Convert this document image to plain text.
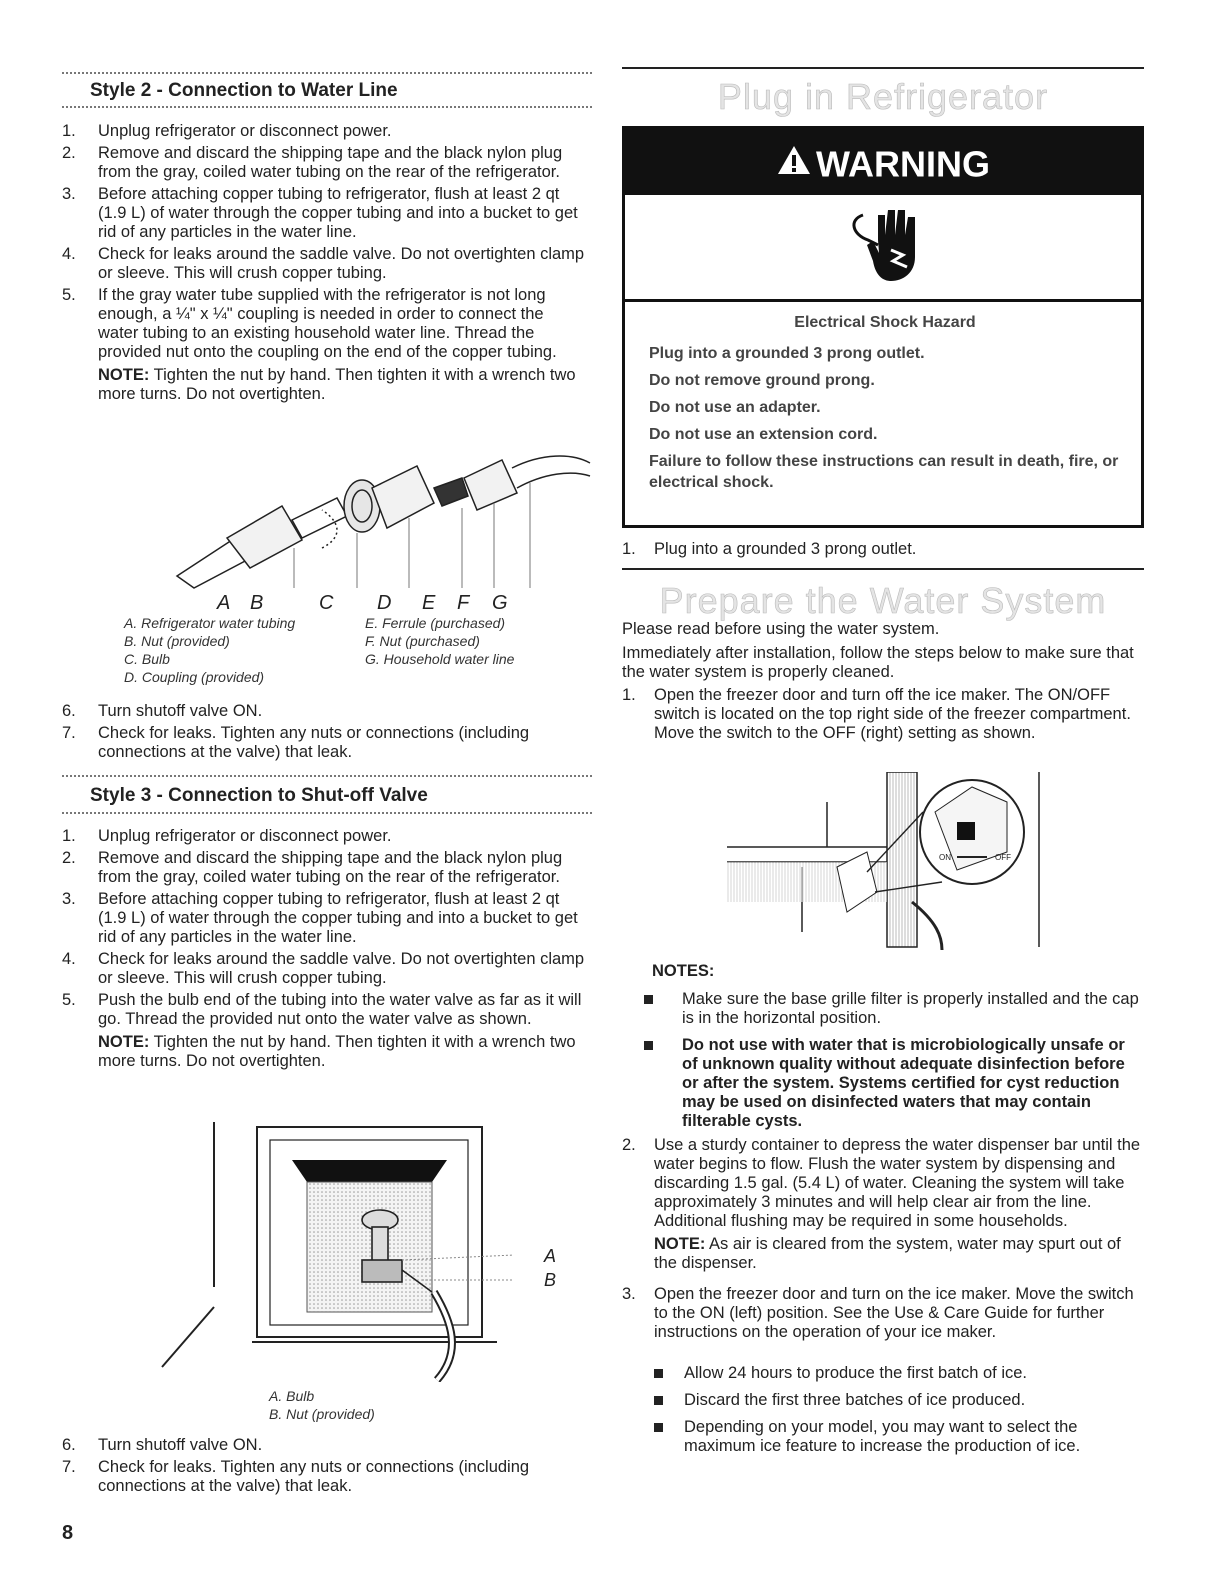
Style 2 - Connection to Water Line
1.	Unplug refrigerator or disconnect power.
2.	Remove and discard the shipping tape and the black nylon plug from the gray, coiled water tubing on the rear of the refrigerator.
3.	Before attaching copper tubing to refrigerator, flush at least 2 qt (1.9 L) of water through the copper tubing and into a bucket to get rid of any particles in the water line.
4.	Check for leaks around the saddle valve. Do not overtighten clamp or sleeve. This will crush copper tubing.
5.	If the gray water tube supplied with the refrigerator is not long enough, a ¼" x ¼" coupling is needed in order to connect the water tubing to an existing household water line. Thread the provided nut onto the coupling on the end of the copper tubing.
NOTE: Tighten the nut by hand. Then tighten it with a wrench two more turns. Do not overtighten.
A B	C D E F G
A. Refrigerator water tubing
B. Nut (provided)
C. Bulb
D. Coupling (provided)
E. Ferrule (purchased)
F. Nut (purchased)
G. Household water line
6.	Turn shutoff valve ON.
7.	Check for leaks. Tighten any nuts or connections (including connections at the valve) that leak.
Style 3 - Connection to Shut-off Valve
1.	Unplug refrigerator or disconnect power.
2.	Remove and discard the shipping tape and the black nylon plug from the gray, coiled water tubing on the rear of the refrigerator.
3.	Before attaching copper tubing to refrigerator, flush at least 2 qt (1.9 L) of water through the copper tubing and into a bucket to get rid of any particles in the water line.
4.	Check for leaks around the saddle valve. Do not overtighten clamp or sleeve. This will crush copper tubing.
5.	Push the bulb end of the tubing into the water valve as far as it will go. Thread the provided nut onto the water valve as shown.
NOTE: Tighten the nut by hand. Then tighten it with a wrench two more turns. Do not overtighten.
A
B
A. Bulb
B. Nut (provided)
6.	Turn shutoff valve ON.
7.	Check for leaks. Tighten any nuts or connections (including connections at the valve) that leak.
8
Plug in Refrigerator
WARNING

Electrical Shock Hazard

Plug into a grounded 3 prong outlet.

Do not remove ground prong.

Do not use an adapter.

Do not use an extension cord.

Failure to follow these instructions can result in death, fire, or electrical shock.

1.	Plug into a grounded 3 prong outlet.
Prepare the Water System
Please read before using the water system.
Immediately after installation, follow the steps below to make sure that the water system is properly cleaned.
1.	Open the freezer door and turn off the ice maker. The ON/OFF switch is located on the top right side of the freezer compartment. Move the switch to the OFF (right) setting as shown.
ON	OFF
NOTES:
Make sure the base grille filter is properly installed and the cap is in the horizontal position.
Do not use with water that is microbiologically unsafe or of unknown quality without adequate disinfection before or after the system. Systems certified for cyst reduction may be used on disinfected waters that may contain filterable cysts.
2.	Use a sturdy container to depress the water dispenser bar until the water begins to flow. Flush the water system by dispensing and discarding 1.5 gal. (5.4 L) of water. Cleaning the system will take approximately 3 minutes and will help clear air from the line. Additional flushing may be required in some households.
NOTE: As air is cleared from the system, water may spurt out of the dispenser.
3.	Open the freezer door and turn on the ice maker. Move the switch to the ON (left) position. See the Use & Care Guide for further instructions on the operation of your ice maker.
Allow 24 hours to produce the first batch of ice.
Discard the first three batches of ice produced.
Depending on your model, you may want to select the maximum ice feature to increase the production of ice.
